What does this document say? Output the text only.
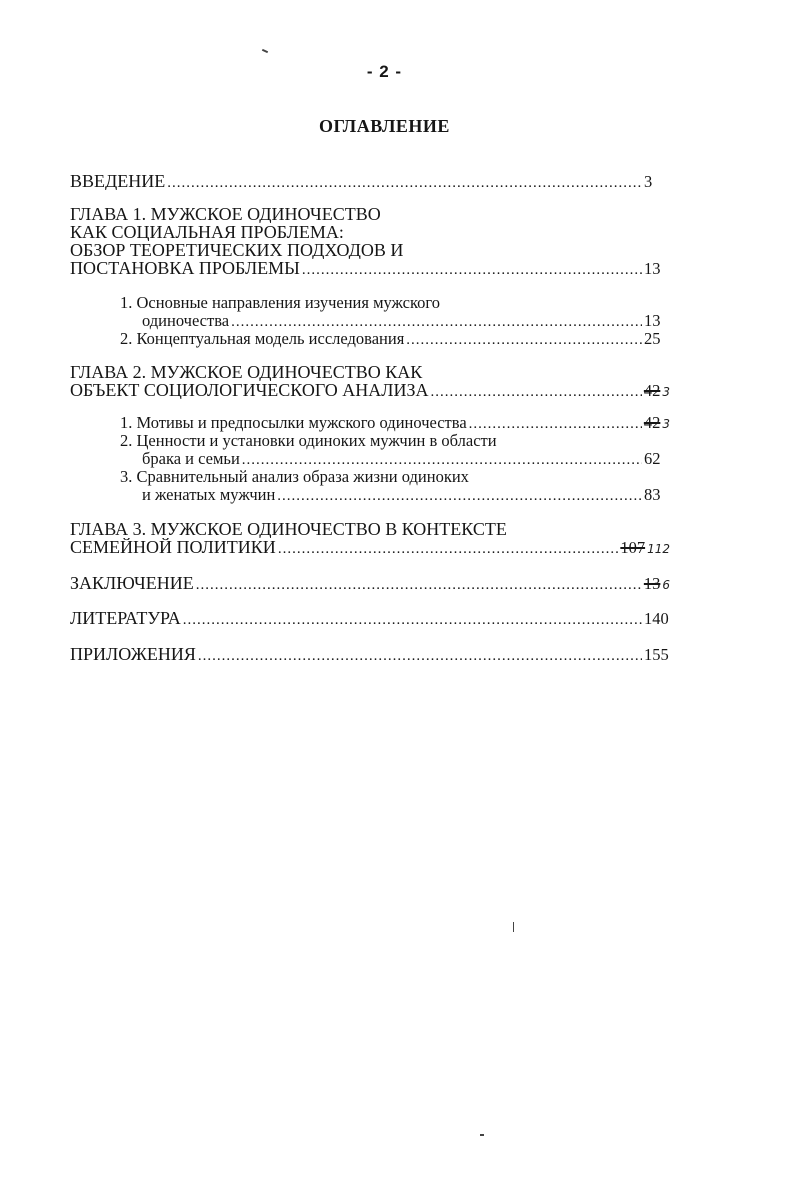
- 2 -
ОГЛАВЛЕНИЕ
ВВЕДЕНИЕ .....	3
ГЛАВА 1. МУЖСКОЕ ОДИНОЧЕСТВО
КАК СОЦИАЛЬНАЯ ПРОБЛЕМА:
ОБЗОР ТЕОРЕТИЧЕСКИХ ПОДХОДОВ И
ПОСТАНОВКА ПРОБЛЕМЫ .....	13
1. Основные направления изучения мужского
одиночества .....	13
2. Концептуальная модель исследования .....	25
ГЛАВА 2. МУЖСКОЕ ОДИНОЧЕСТВО КАК
ОБЪЕКТ СОЦИОЛОГИЧЕСКОГО АНАЛИЗА .....	42 3
1. Мотивы и предпосылки мужского одиночества .....	42 3
2. Ценности и установки одиноких мужчин в области
брака и семьи .....	62
3. Сравнительный анализ образа жизни одиноких
и женатых мужчин .....	83
ГЛАВА 3. МУЖСКОЕ ОДИНОЧЕСТВО В КОНТЕКСТЕ
СЕМЕЙНОЙ ПОЛИТИКИ .....	107 112
ЗАКЛЮЧЕНИЕ .....	13 6
ЛИТЕРАТУРА .....	140
ПРИЛОЖЕНИЯ .....	155
